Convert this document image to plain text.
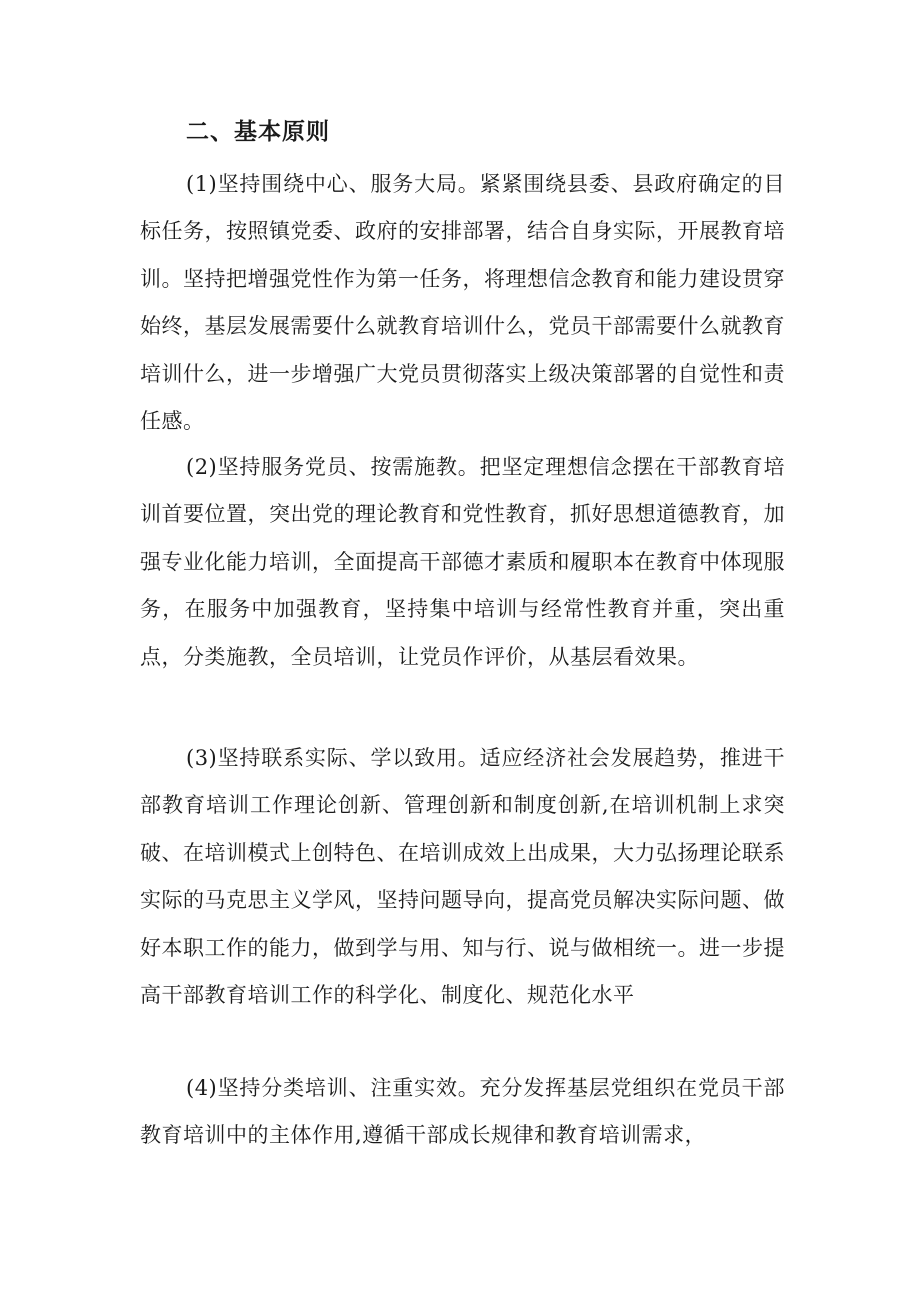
二、基本原则

(1)坚持围绕中心、服务大局。紧紧围绕县委、县政府确定的目标任务，按照镇党委、政府的安排部署，结合自身实际，开展教育培训。坚持把增强党性作为第一任务，将理想信念教育和能力建设贯穿始终，基层发展需要什么就教育培训什么，党员干部需要什么就教育培训什么，进一步增强广大党员贯彻落实上级决策部署的自觉性和责任感。

(2)坚持服务党员、按需施教。把坚定理想信念摆在干部教育培训首要位置，突出党的理论教育和党性教育，抓好思想道德教育，加强专业化能力培训，全面提高干部德才素质和履职本在教育中体现服务，在服务中加强教育，坚持集中培训与经常性教育并重，突出重点，分类施教，全员培训，让党员作评价，从基层看效果。

(3)坚持联系实际、学以致用。适应经济社会发展趋势，推进干部教育培训工作理论创新、管理创新和制度创新,在培训机制上求突破、在培训模式上创特色、在培训成效上出成果，大力弘扬理论联系实际的马克思主义学风，坚持问题导向，提高党员解决实际问题、做好本职工作的能力，做到学与用、知与行、说与做相统一。进一步提高干部教育培训工作的科学化、制度化、规范化水平

(4)坚持分类培训、注重实效。充分发挥基层党组织在党员干部教育培训中的主体作用,遵循干部成长规律和教育培训需求，
